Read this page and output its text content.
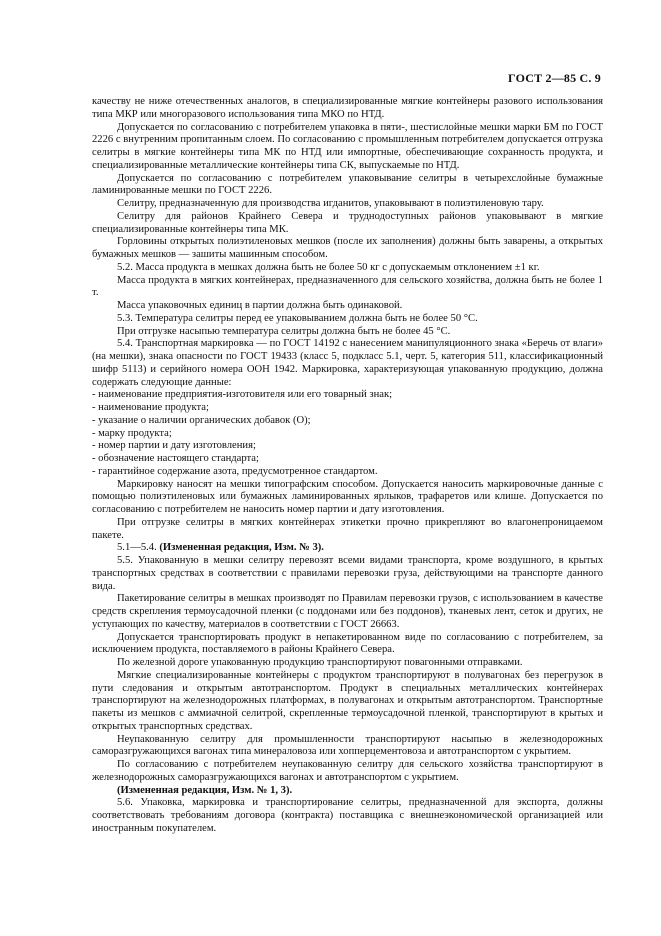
ГОСТ 2—85 С. 9

качеству не ниже отечественных аналогов, в специализированные мягкие контейнеры разового использования типа МКР или многоразового использования типа МКО по НТД.

Допускается по согласованию с потребителем упаковка в пяти-, шестислойные мешки марки БМ по ГОСТ 2226 с внутренним пропитанным слоем. По согласованию с промышленным потребителем допускается отгрузка селитры в мягкие контейнеры типа МК по НТД или импортные, обеспечивающие сохранность продукта, и специализированные металлические контейнеры типа СК, выпускаемые по НТД.

Допускается по согласованию с потребителем упаковывание селитры в четырехслойные бумажные ламинированные мешки по ГОСТ 2226.

Селитру, предназначенную для производства игданитов, упаковывают в полиэтиленовую тару.

Селитру для районов Крайнего Севера и труднодоступных районов упаковывают в мягкие специализированные контейнеры типа МК.

Горловины открытых полиэтиленовых мешков (после их заполнения) должны быть заварены, а открытых бумажных мешков — зашиты машинным способом.

5.2. Масса продукта в мешках должна быть не более 50 кг с допускаемым отклонением ±1 кг.

Масса продукта в мягких контейнерах, предназначенного для сельского хозяйства, должна быть не более 1 т.

Масса упаковочных единиц в партии должна быть одинаковой.

5.3. Температура селитры перед ее упаковыванием должна быть не более 50 °С.

При отгрузке насыпью температура селитры должна быть не более 45 °С.

5.4. Транспортная маркировка — по ГОСТ 14192 с нанесением манипуляционного знака «Беречь от влаги» (на мешки), знака опасности по ГОСТ 19433 (класс 5, подкласс 5.1, черт. 5, категория 511, классификационный шифр 5113) и серийного номера ООН 1942. Маркировка, характеризующая упакованную продукцию, должна содержать следующие данные:

- наименование предприятия-изготовителя или его товарный знак;

- наименование продукта;

- указание о наличии органических добавок (О);

- марку продукта;

- номер партии и дату изготовления;

- обозначение настоящего стандарта;

- гарантийное содержание азота, предусмотренное стандартом.

Маркировку наносят на мешки типографским способом. Допускается наносить маркировочные данные с помощью полиэтиленовых или бумажных ламинированных ярлыков, трафаретов или клише. Допускается по согласованию с потребителем не наносить номер партии и дату изготовления.

При отгрузке селитры в мягких контейнерах этикетки прочно прикрепляют во влагонепроницаемом пакете.

5.1—5.4. (Измененная редакция, Изм. № 3).

5.5. Упакованную в мешки селитру перевозят всеми видами транспорта, кроме воздушного, в крытых транспортных средствах в соответствии с правилами перевозки груза, действующими на транспорте данного вида.

Пакетирование селитры в мешках производят по Правилам перевозки грузов, с использованием в качестве средств скрепления термоусадочной пленки (с поддонами или без поддонов), тканевых лент, сеток и других, не уступающих по качеству, материалов в соответствии с ГОСТ 26663.

Допускается транспортировать продукт в непакетированном виде по согласованию с потребителем, за исключением продукта, поставляемого в районы Крайнего Севера.

По железной дороге упакованную продукцию транспортируют повагонными отправками.

Мягкие специализированные контейнеры с продуктом транспортируют в полувагонах без перегрузок в пути следования и открытым автотранспортом. Продукт в специальных металлических контейнерах транспортируют на железнодорожных платформах, в полувагонах и открытым автотранспортом. Транспортные пакеты из мешков с аммиачной селитрой, скрепленные термоусадочной пленкой, транспортируют в крытых и открытых транспортных средствах.

Неупакованную селитру для промышленности транспортируют насыпью в железнодорожных саморазгружающихся вагонах типа минераловоза или хопперцементовоза и автотранспортом с укрытием.

По согласованию с потребителем неупакованную селитру для сельского хозяйства транспортируют в железнодорожных саморазгружающихся вагонах и автотранспортом с укрытием.

(Измененная редакция, Изм. № 1, 3).

5.6. Упаковка, маркировка и транспортирование селитры, предназначенной для экспорта, должны соответствовать требованиям договора (контракта) поставщика с внешнеэкономической организацией или иностранным покупателем.
